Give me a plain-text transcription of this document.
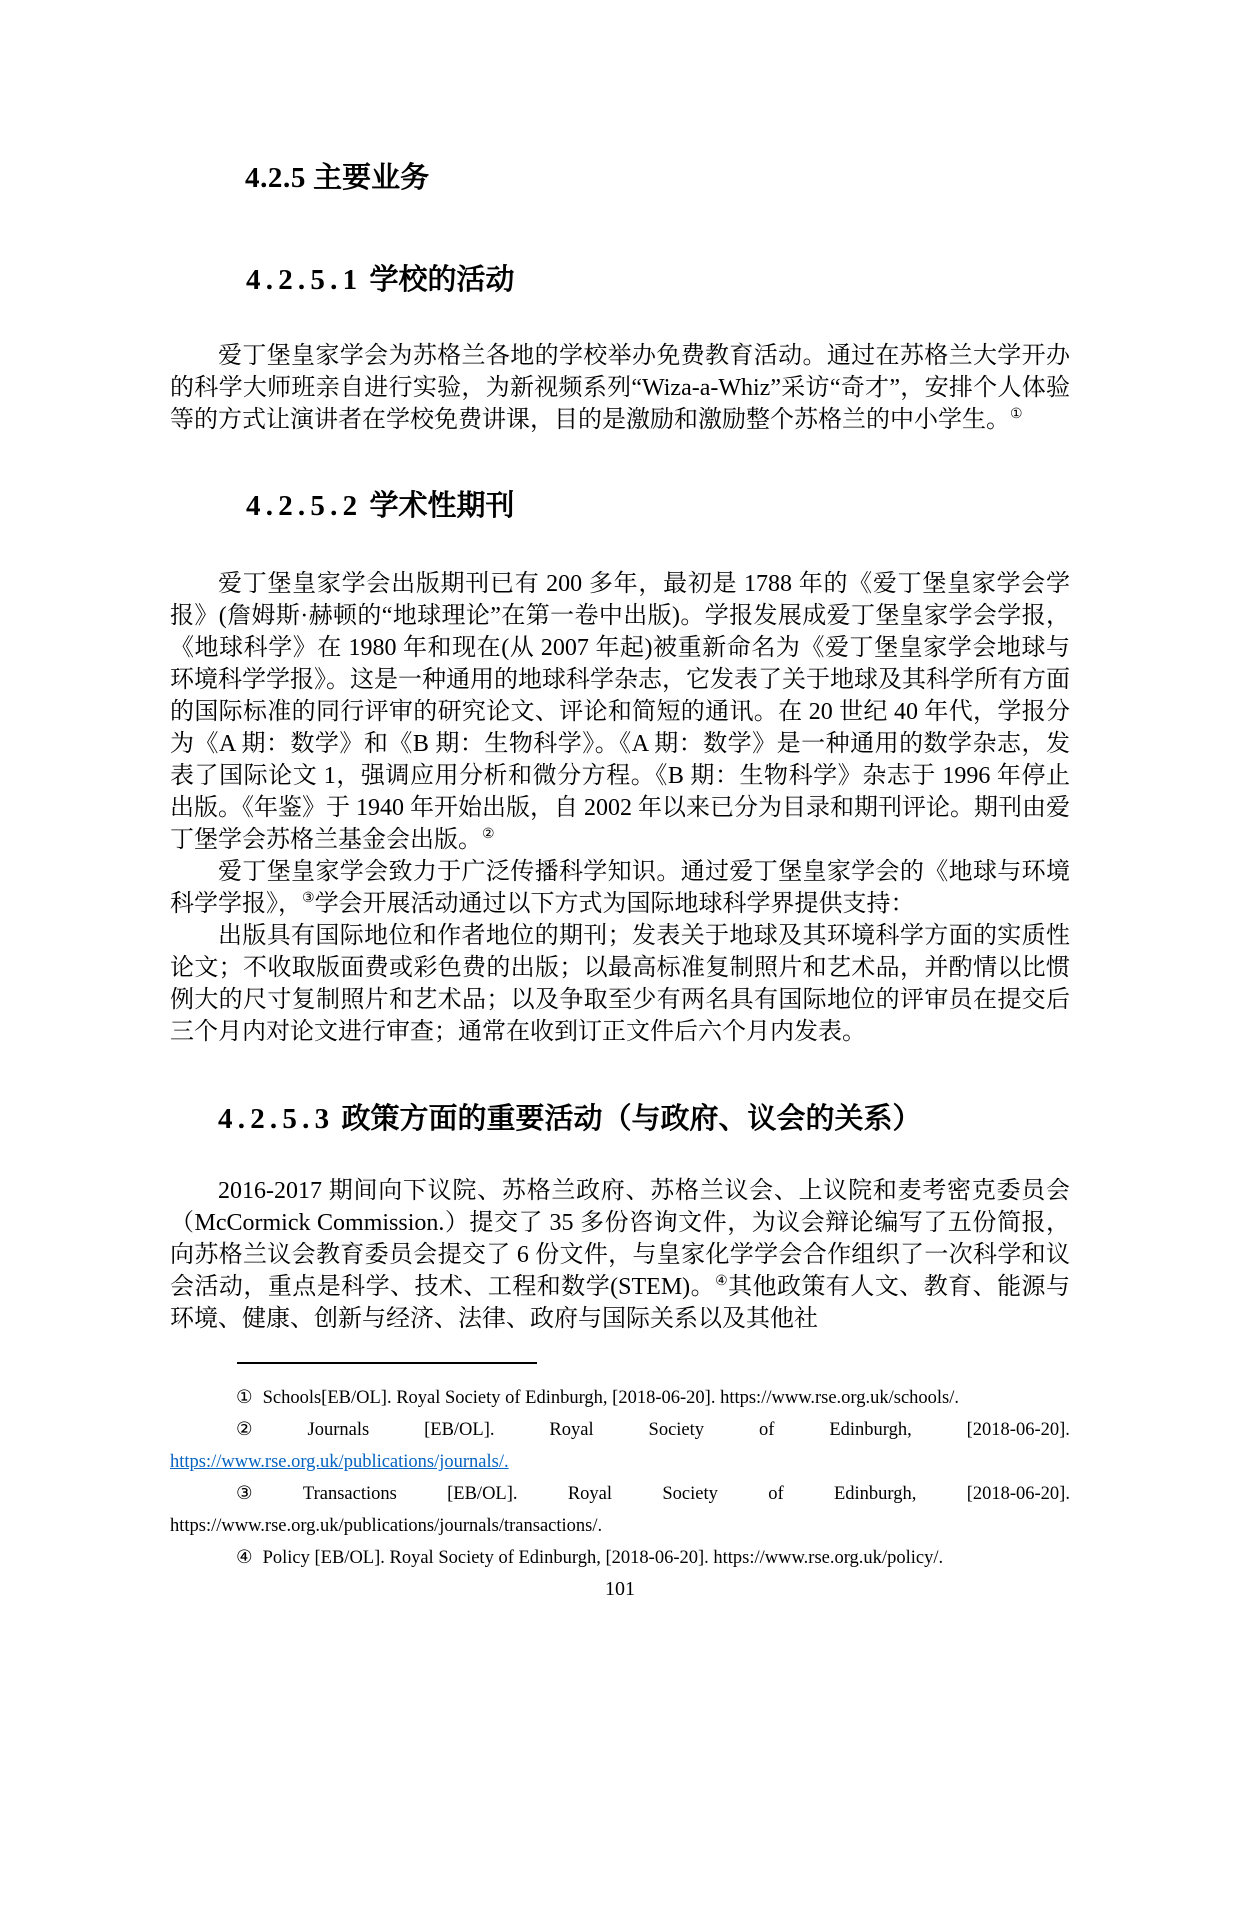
4.2.5 主要业务
4.2.5.1 学校的活动

爱丁堡皇家学会为苏格兰各地的学校举办免费教育活动。通过在苏格兰大学开办的科学大师班亲自进行实验，为新视频系列“Wiza-a-Whiz”采访“奇才”，安排个人体验等的方式让演讲者在学校免费讲课，目的是激励和激励整个苏格兰的中小学生。①

4.2.5.2 学术性期刊

爱丁堡皇家学会出版期刊已有 200 多年，最初是 1788 年的《爱丁堡皇家学会学报》(詹姆斯·赫顿的“地球理论”在第一卷中出版)。学报发展成爱丁堡皇家学会学报，《地球科学》在 1980 年和现在(从 2007 年起)被重新命名为《爱丁堡皇家学会地球与环境科学学报》。这是一种通用的地球科学杂志，它发表了关于地球及其科学所有方面的国际标准的同行评审的研究论文、评论和简短的通讯。在 20 世纪 40 年代，学报分为《A 期：数学》和《B 期：生物科学》。《A 期：数学》是一种通用的数学杂志，发表了国际论文 1，强调应用分析和微分方程。《B 期：生物科学》杂志于 1996 年停止出版。《年鉴》于 1940 年开始出版，自 2002 年以来已分为目录和期刊评论。期刊由爱丁堡学会苏格兰基金会出版。②

爱丁堡皇家学会致力于广泛传播科学知识。通过爱丁堡皇家学会的《地球与环境科学学报》，③学会开展活动通过以下方式为国际地球科学界提供支持：

出版具有国际地位和作者地位的期刊；发表关于地球及其环境科学方面的实质性论文；不收取版面费或彩色费的出版；以最高标准复制照片和艺术品，并酌情以比惯例大的尺寸复制照片和艺术品；以及争取至少有两名具有国际地位的评审员在提交后三个月内对论文进行审查；通常在收到订正文件后六个月内发表。

4.2.5.3 政策方面的重要活动（与政府、议会的关系）

2016-2017 期间向下议院、苏格兰政府、苏格兰议会、上议院和麦考密克委员会（McCormick Commission.）提交了 35 多份咨询文件，为议会辩论编写了五份简报，向苏格兰议会教育委员会提交了 6 份文件，与皇家化学学会合作组织了一次科学和议会活动，重点是科学、技术、工程和数学(STEM)。④其他政策有人文、教育、能源与环境、健康、创新与经济、法律、政府与国际关系以及其他社

① Schools[EB/OL]. Royal Society of Edinburgh, [2018-06-20]. https://www.rse.org.uk/schools/.
②	Journals	[EB/OL].	Royal	Society	of	Edinburgh,	[2018-06-20].
https://www.rse.org.uk/publications/journals/.
③	Transactions	[EB/OL].	Royal	Society	of	Edinburgh,	[2018-06-20].
https://www.rse.org.uk/publications/journals/transactions/.
④ Policy [EB/OL]. Royal Society of Edinburgh, [2018-06-20]. https://www.rse.org.uk/policy/.
101
